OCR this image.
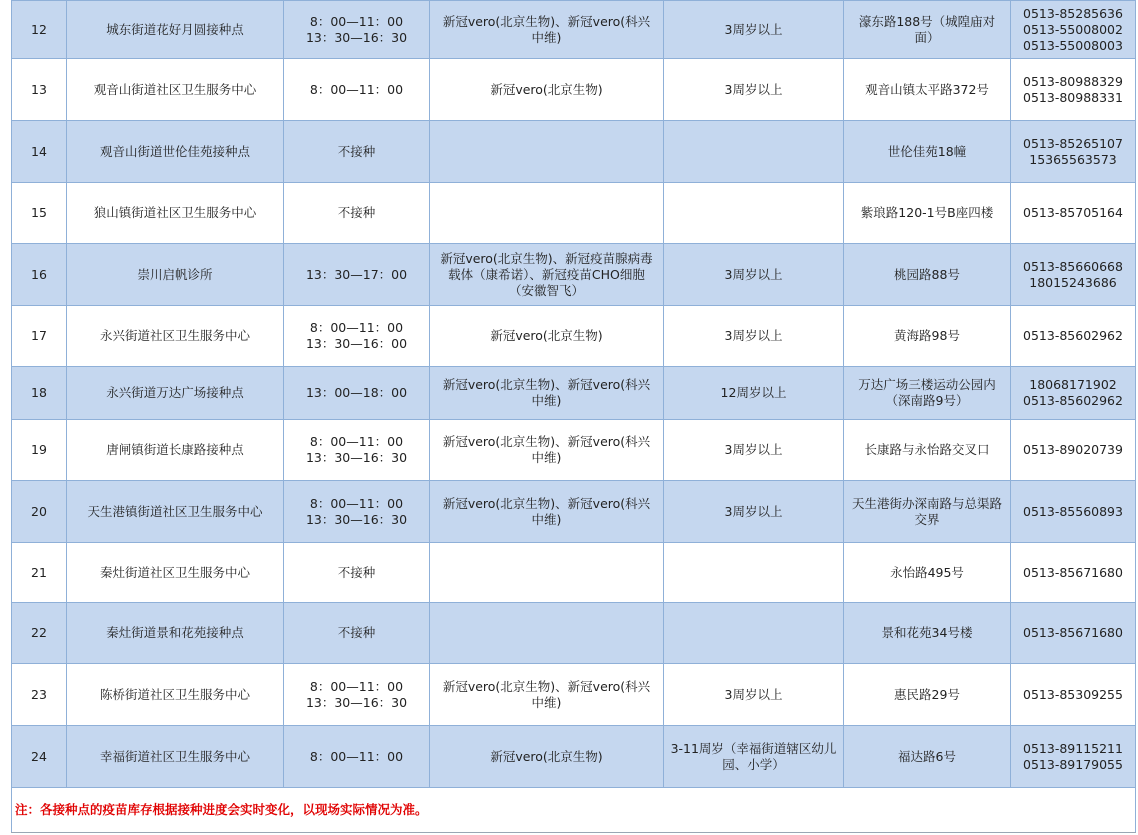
12	城东街道花好月圆接种点	8：00—11：00
13：30—16：30	新冠vero(北京生物)、新冠vero(科兴
中维)	3周岁以上	濠东路188号（城隍庙对
面）	0513-85285636
0513-55008002
0513-55008003

13	观音山街道社区卫生服务中心	8：00—11：00	新冠vero(北京生物)	3周岁以上	观音山镇太平路372号	0513-80988329
0513-80988331

14	观音山街道世伦佳苑接种点	不接种			世伦佳苑18幢	0513-85265107
15365563573

15	狼山镇街道社区卫生服务中心	不接种			紫琅路120-1号B座四楼	0513-85705164

16	崇川启帆诊所	13：30—17：00	新冠vero(北京生物)、新冠疫苗腺病毒
载体（康希诺）、新冠疫苗CHO细胞
（安徽智飞）	3周岁以上	桃园路88号	0513-85660668
18015243686

17	永兴街道社区卫生服务中心	8：00—11：00
13：30—16：00	新冠vero(北京生物)	3周岁以上	黄海路98号	0513-85602962

18	永兴街道万达广场接种点	13：00—18：00	新冠vero(北京生物)、新冠vero(科兴
中维)	12周岁以上	万达广场三楼运动公园内
（深南路9号）	18068171902
0513-85602962

19	唐闸镇街道长康路接种点	8：00—11：00
13：30—16：30	新冠vero(北京生物)、新冠vero(科兴
中维)	3周岁以上	长康路与永怡路交叉口	0513-89020739

20	天生港镇街道社区卫生服务中心	8：00—11：00
13：30—16：30	新冠vero(北京生物)、新冠vero(科兴
中维)	3周岁以上	天生港街办深南路与总渠路
交界	0513-85560893

21	秦灶街道社区卫生服务中心	不接种			永怡路495号	0513-85671680

22	秦灶街道景和花苑接种点	不接种			景和花苑34号楼	0513-85671680

23	陈桥街道社区卫生服务中心	8：00—11：00
13：30—16：30	新冠vero(北京生物)、新冠vero(科兴
中维)	3周岁以上	惠民路29号	0513-85309255

24	幸福街道社区卫生服务中心	8：00—11：00	新冠vero(北京生物)	3-11周岁（幸福街道辖区幼儿
园、小学）	福达路6号	0513-89115211
0513-89179055

注：各接种点的疫苗库存根据接种进度会实时变化，以现场实际情况为准。						
